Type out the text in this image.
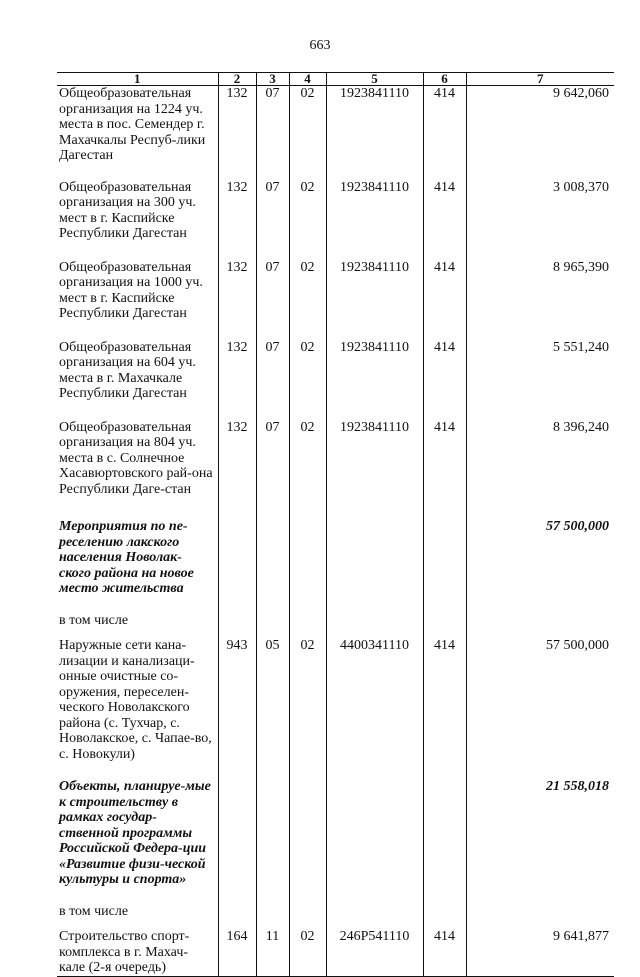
663
1	2	3	4	5	6	7
Общеобразовательная организация на 1224 уч. места в пос. Семендер г. Махачкалы Респуб-лики Дагестан	132	07	02	1923841110	414	9 642,060
Общеобразовательная организация на 300 уч. мест в г. Каспийске Республики Дагестан	132	07	02	1923841110	414	3 008,370
Общеобразовательная организация на 1000 уч. мест в г. Каспийске Республики Дагестан	132	07	02	1923841110	414	8 965,390
Общеобразовательная организация на 604 уч. места в г. Махачкале Республики Дагестан	132	07	02	1923841110	414	5 551,240
Общеобразовательная организация на 804 уч. места в с. Солнечное Хасавюртовского рай-она Республики Даге-стан	132	07	02	1923841110	414	8 396,240
Мероприятия по пе-реселению лакского населения Новолак-ского района на новое место жительства						57 500,000
в том числе						
Наружные сети кана-лизации и канализаци-онные очистные со-оружения, переселен-ческого Новолакского района (с. Тухчар, с. Новолакское, с. Чапае-во, с. Новокули)	943	05	02	4400341110	414	57 500,000
Объекты, планируе-мые к строительству в рамках государ-ственной программы Российской Федера-ции «Развитие физи-ческой культуры и спорта»						21 558,018
в том числе						
Строительство спорт-комплекса в г. Махач-кале (2-я очередь)	164	11	02	246P541110	414	9 641,877
